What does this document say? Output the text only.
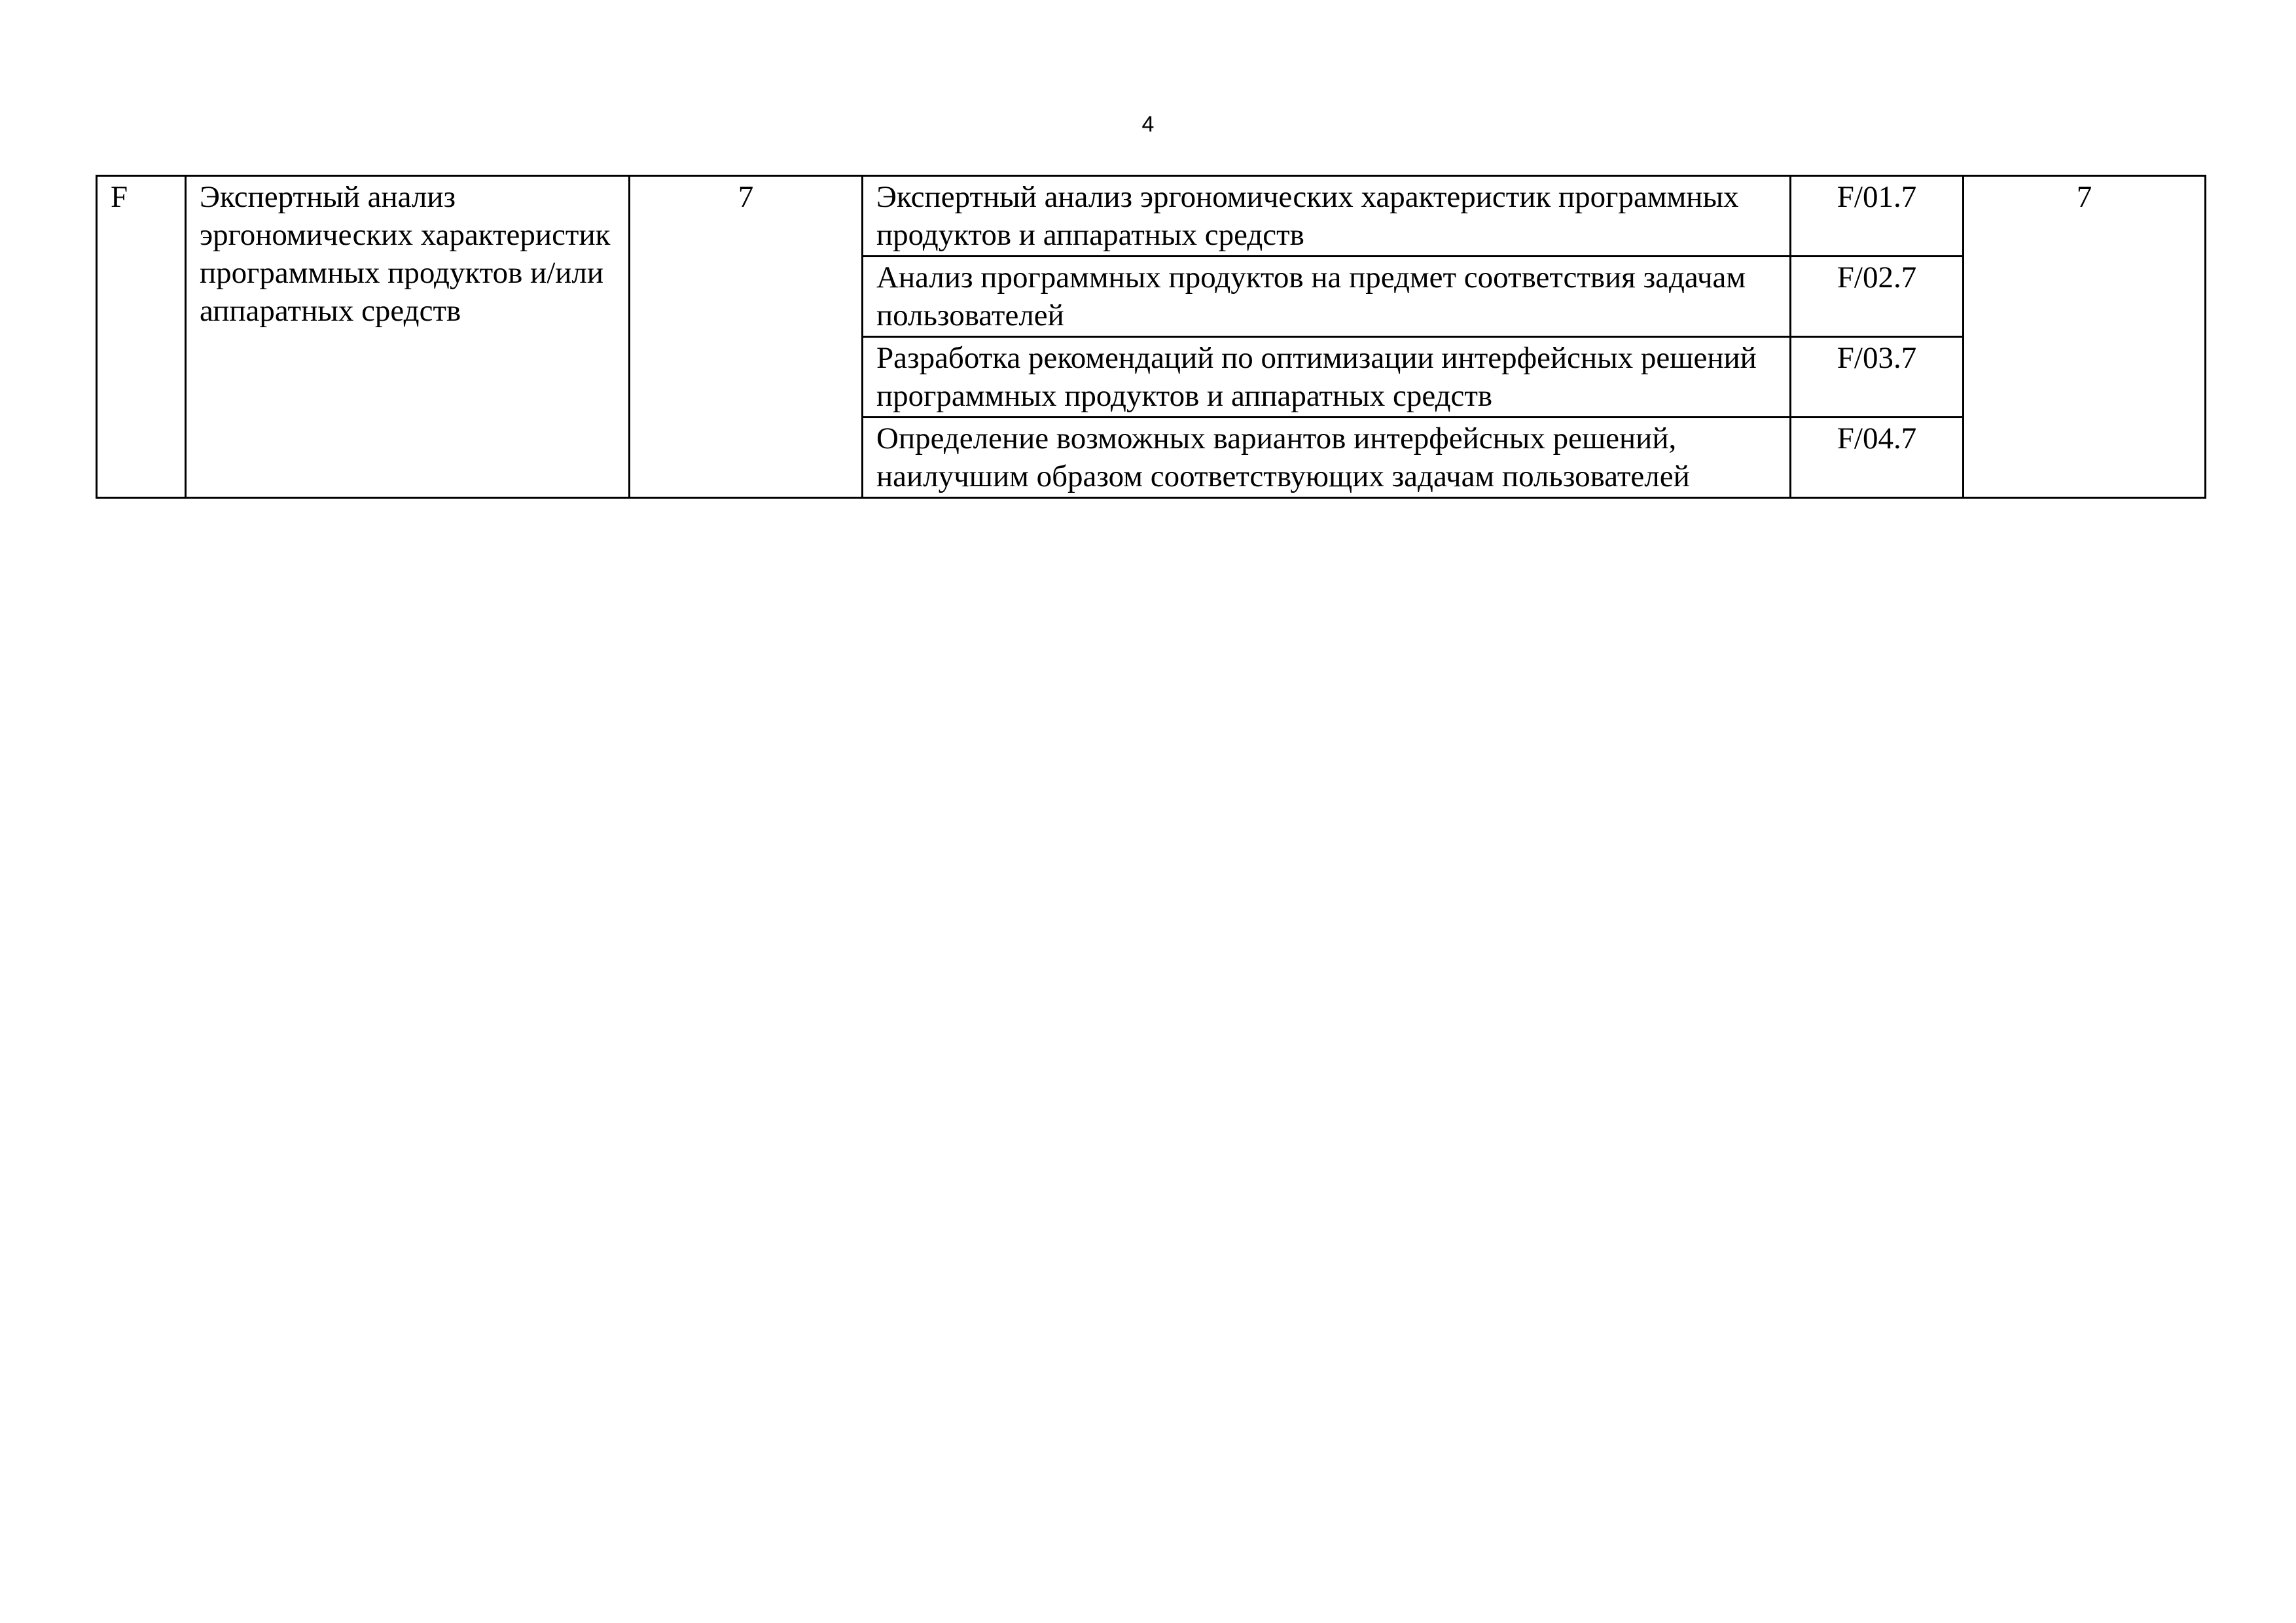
4
F	Экспертный анализ эргономических характеристик программных продуктов и/или аппаратных средств	7	Экспертный анализ эргономических характеристик программных продуктов и аппаратных средств	F/01.7	7
			Анализ программных продуктов на предмет соответствия задачам пользователей	F/02.7	
			Разработка рекомендаций по оптимизации интерфейсных решений программных продуктов и аппаратных средств	F/03.7	
			Определение возможных вариантов интерфейсных решений, наилучшим образом соответствующих задачам пользователей	F/04.7	
